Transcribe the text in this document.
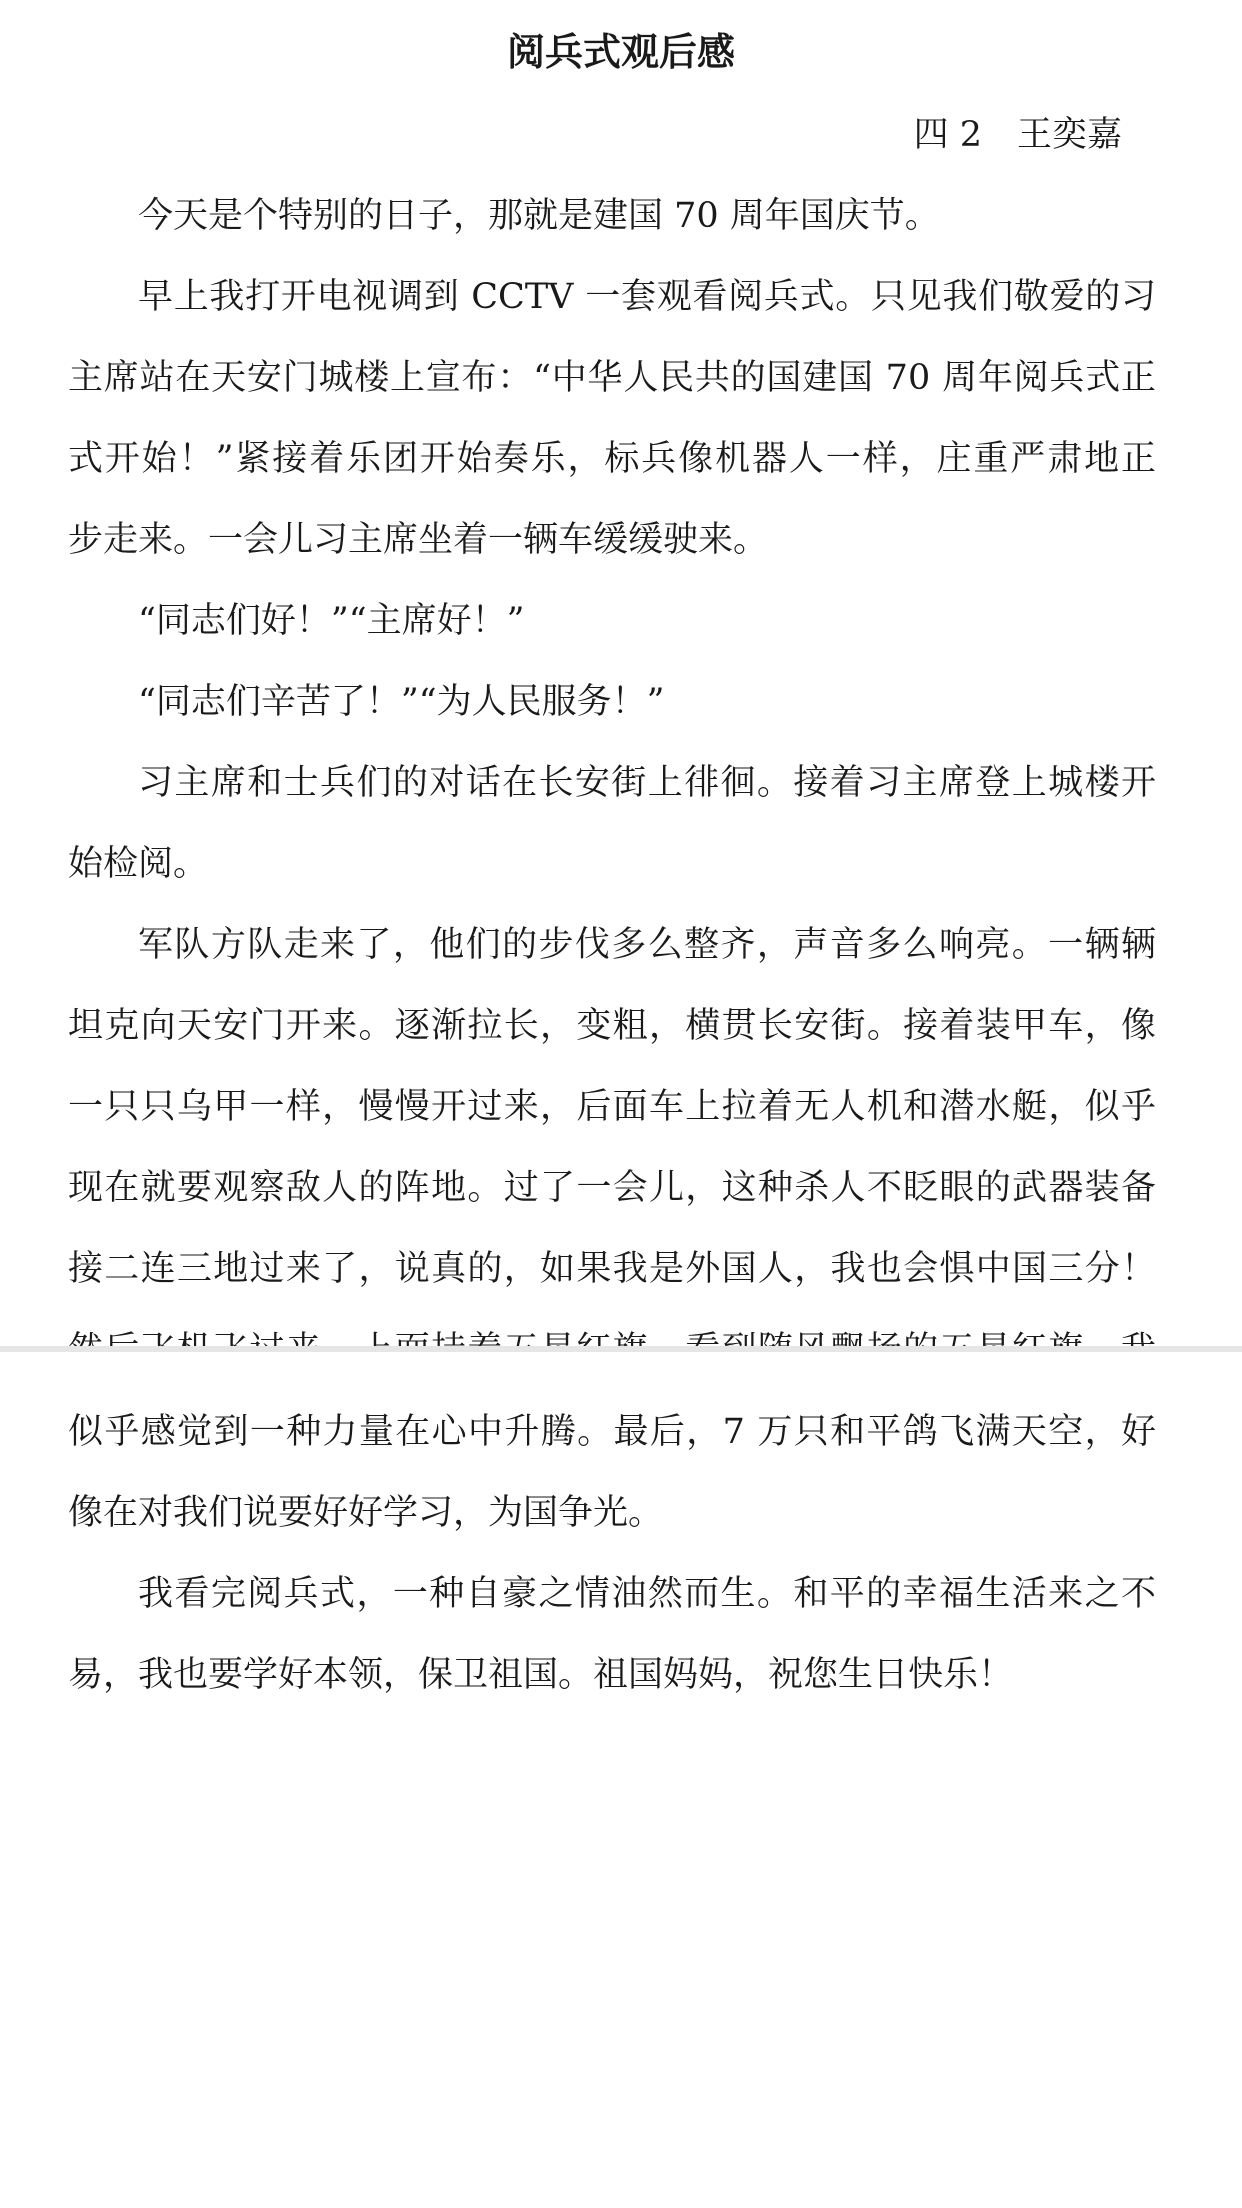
阅兵式观后感

四 2　王奕嘉

今天是个特别的日子，那就是建国 70 周年国庆节。
早上我打开电视调到 CCTV 一套观看阅兵式。只见我们敬爱的习
主席站在天安门城楼上宣布：“中华人民共的国建国 70 周年阅兵式正
式开始！”紧接着乐团开始奏乐，标兵像机器人一样，庄重严肃地正
步走来。一会儿习主席坐着一辆车缓缓驶来。
“同志们好！”“主席好！”
“同志们辛苦了！”“为人民服务！”
习主席和士兵们的对话在长安街上徘徊。接着习主席登上城楼开
始检阅。
军队方队走来了，他们的步伐多么整齐，声音多么响亮。一辆辆
坦克向天安门开来。逐渐拉长，变粗，横贯长安街。接着装甲车，像
一只只乌甲一样，慢慢开过来，后面车上拉着无人机和潜水艇，似乎
现在就要观察敌人的阵地。过了一会儿，这种杀人不眨眼的武器装备
接二连三地过来了，说真的，如果我是外国人，我也会惧中国三分！
似乎感觉到一种力量在心中升腾。最后，7 万只和平鸽飞满天空，好
像在对我们说要好好学习，为国争光。
我看完阅兵式，一种自豪之情油然而生。和平的幸福生活来之不
易，我也要学好本领，保卫祖国。祖国妈妈，祝您生日快乐！
